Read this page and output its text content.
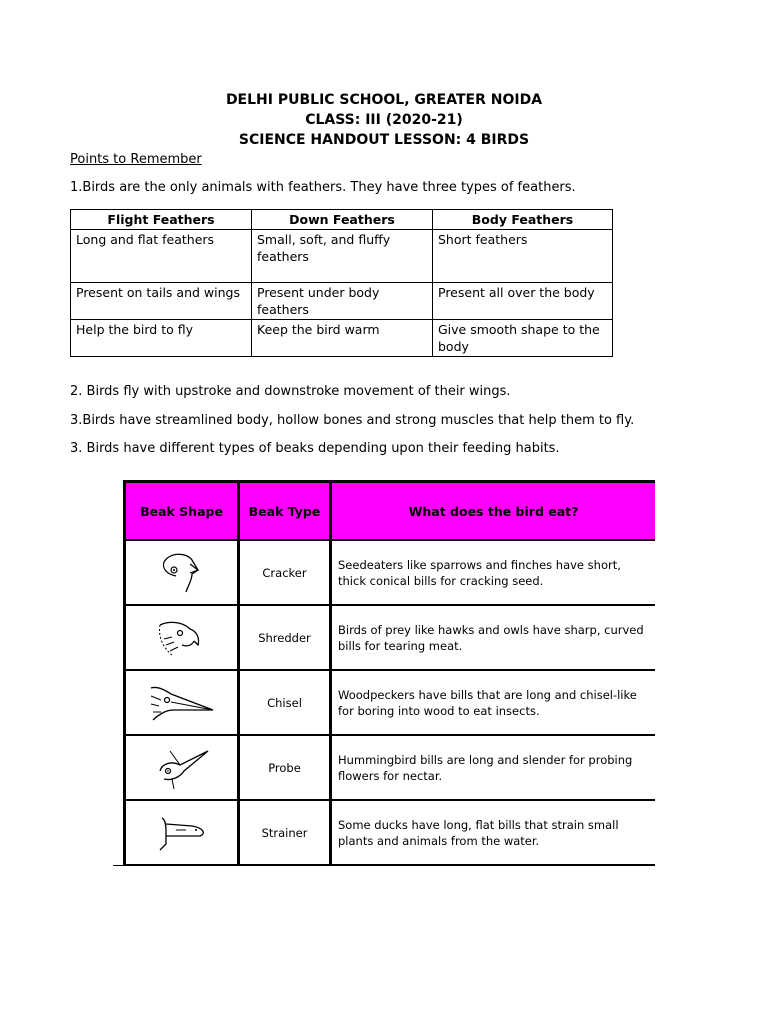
DELHI PUBLIC SCHOOL, GREATER NOIDA
CLASS: III (2020-21)
SCIENCE HANDOUT LESSON: 4 BIRDS
Points to Remember
1.Birds are the only animals with feathers. They have three types of feathers.
Flight Feathers	Down Feathers	Body Feathers
Long and flat feathers	Small, soft, and fluffy feathers	Short feathers
Present on tails and wings	Present under body feathers	Present all over the body
Help the bird to fly	Keep the bird warm	Give smooth shape to the body
2. Birds fly with upstroke and downstroke movement of their wings.
3.Birds have streamlined body, hollow bones and strong muscles that help them to fly.
3. Birds have different types of beaks depending upon their feeding habits.
Beak Shape	Beak Type	What does the bird eat?

	Cracker	Seedeaters like sparrows and finches have short, thick conical bills for cracking seed.

	Shredder	Birds of prey like hawks and owls have sharp, curved bills for tearing meat.

	Chisel	Woodpeckers have bills that are long and chisel-like for boring into wood to eat insects.

	Probe	Hummingbird bills are long and slender for probing flowers for nectar.

	Strainer	Some ducks have long, flat bills that strain small plants and animals from the water.
